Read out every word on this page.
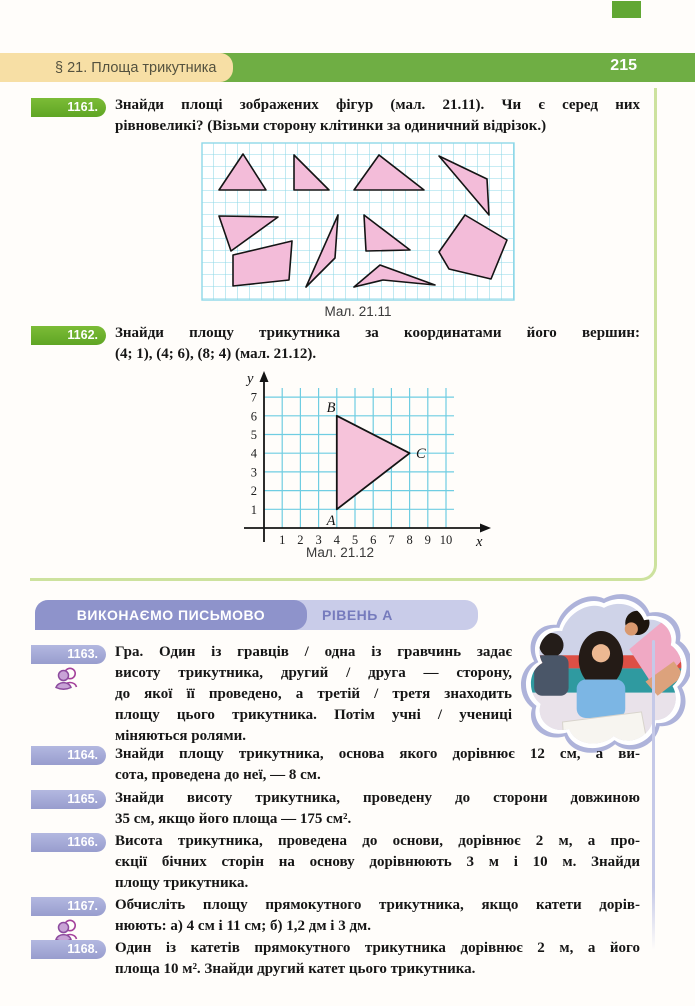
§ 21. Площа трикутника	215
1161.	Знайди площі зображених фігур (мал. 21.11). Чи є серед них
рівновеликі? (Візьми сторону клітинки за одиничний відрізок.)
Мал. 21.11
1162.	Знайди площу трикутника за координатами його вершин:
(4; 1), (4; 6), (8; 4) (мал. 21.12).
1 2 3 4 5 6 7 8 9 10
1
2
3
4
5
6
7
x
y
B
A
C
Мал. 21.12
РІВЕНЬ А
ВИКОНАЄМО ПИСЬМОВО
1163.	Гра. Один із гравців / одна із гравчинь задає
висоту трикутника, другий / друга — сторону,
до якої її проведено, а третій / третя знаходить
площу цього трикутника. Потім учні / учениці
міняються ролями.
1164.	Знайди площу трикутника, основа якого дорівнює 12 см, а ви-
сота, проведена до неї, — 8 см.
1165.	Знайди висоту трикутника, проведену до сторони довжиною
35 см, якщо його площа — 175 см².
1166.	Висота трикутника, проведена до основи, дорівнює 2 м, а про-
єкції бічних сторін на основу дорівнюють 3 м і 10 м. Знайди
площу трикутника.
1167.	Обчисліть площу прямокутного трикутника, якщо катети дорів-
нюють: а) 4 см і 11 см; б) 1,2 дм і 3 дм.
1168.	Один із катетів прямокутного трикутника дорівнює 2 м, а його
площа 10 м². Знайди другий катет цього трикутника.
